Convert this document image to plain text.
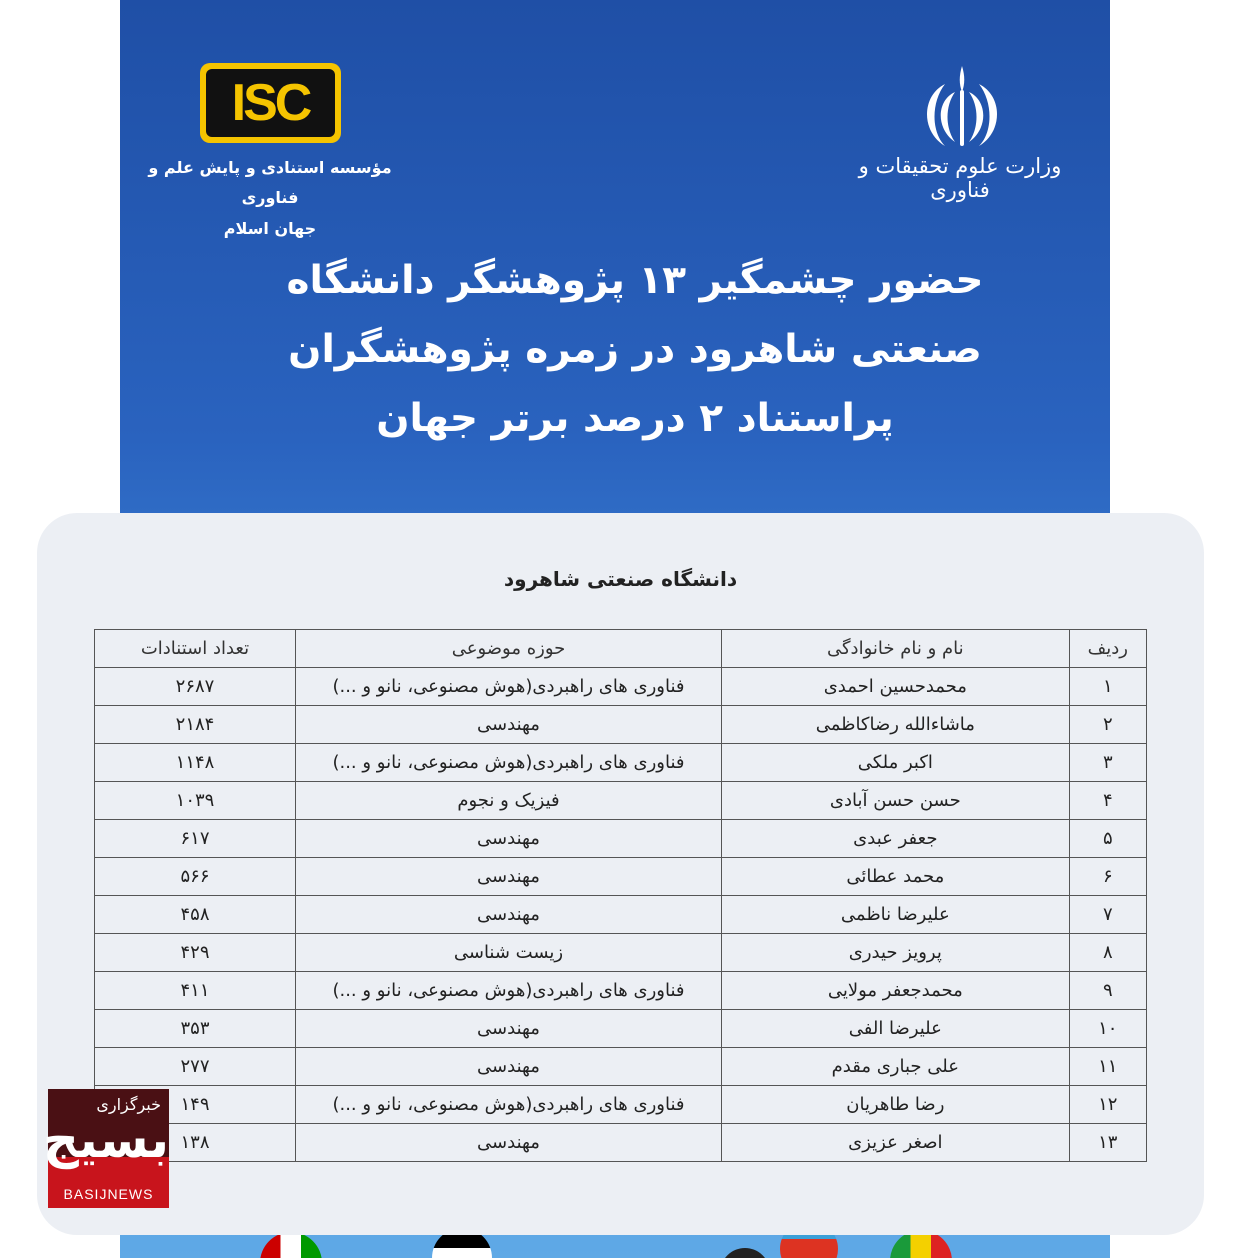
ISC
مؤسسه استنادی و پایش علم و فناوری
جهان اسلام
وزارت علوم تحقیقات و فناوری
حضور چشمگیر ۱۳ پژوهشگر دانشگاه
صنعتی شاهرود در زمره پژوهشگران
پراستناد ۲ درصد برتر جهان
دانشگاه صنعتی شاهرود
ردیف	نام و نام خانوادگی	حوزه موضوعی	تعداد استنادات
۱	محمدحسین احمدی	فناوری های راهبردی(هوش مصنوعی، نانو و ...)	۲۶۸۷
۲	ماشاءالله رضاکاظمی	مهندسی	۲۱۸۴
۳	اکبر ملکی	فناوری های راهبردی(هوش مصنوعی، نانو و ...)	۱۱۴۸
۴	حسن حسن آبادی	فیزیک و نجوم	۱۰۳۹
۵	جعفر عبدی	مهندسی	۶۱۷
۶	محمد عطائی	مهندسی	۵۶۶
۷	علیرضا ناظمی	مهندسی	۴۵۸
۸	پرویز حیدری	زیست شناسی	۴۲۹
۹	محمدجعفر مولایی	فناوری های راهبردی(هوش مصنوعی، نانو و ...)	۴۱۱
۱۰	علیرضا الفی	مهندسی	۳۵۳
۱۱	علی جباری مقدم	مهندسی	۲۷۷
۱۲	رضا طاهریان	فناوری های راهبردی(هوش مصنوعی، نانو و ...)	۱۴۹
۱۳	اصغر عزیزی	مهندسی	۱۳۸
خبرگزاری
بسیج
BASIJNEWS
